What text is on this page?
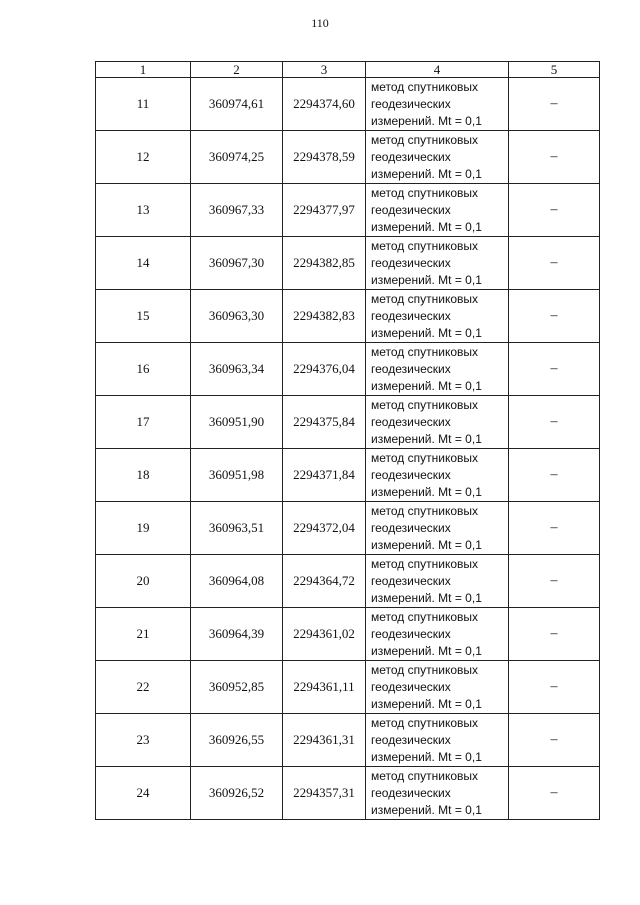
110
1	2	3	4	5
11	360974,61	2294374,60	метод спутниковых
геодезических
измерений. Mt = 0,1	–
12	360974,25	2294378,59	метод спутниковых
геодезических
измерений. Mt = 0,1	–
13	360967,33	2294377,97	метод спутниковых
геодезических
измерений. Mt = 0,1	–
14	360967,30	2294382,85	метод спутниковых
геодезических
измерений. Mt = 0,1	–
15	360963,30	2294382,83	метод спутниковых
геодезических
измерений. Mt = 0,1	–
16	360963,34	2294376,04	метод спутниковых
геодезических
измерений. Mt = 0,1	–
17	360951,90	2294375,84	метод спутниковых
геодезических
измерений. Mt = 0,1	–
18	360951,98	2294371,84	метод спутниковых
геодезических
измерений. Mt = 0,1	–
19	360963,51	2294372,04	метод спутниковых
геодезических
измерений. Mt = 0,1	–
20	360964,08	2294364,72	метод спутниковых
геодезических
измерений. Mt = 0,1	–
21	360964,39	2294361,02	метод спутниковых
геодезических
измерений. Mt = 0,1	–
22	360952,85	2294361,11	метод спутниковых
геодезических
измерений. Mt = 0,1	–
23	360926,55	2294361,31	метод спутниковых
геодезических
измерений. Mt = 0,1	–
24	360926,52	2294357,31	метод спутниковых
геодезических
измерений. Mt = 0,1	–
